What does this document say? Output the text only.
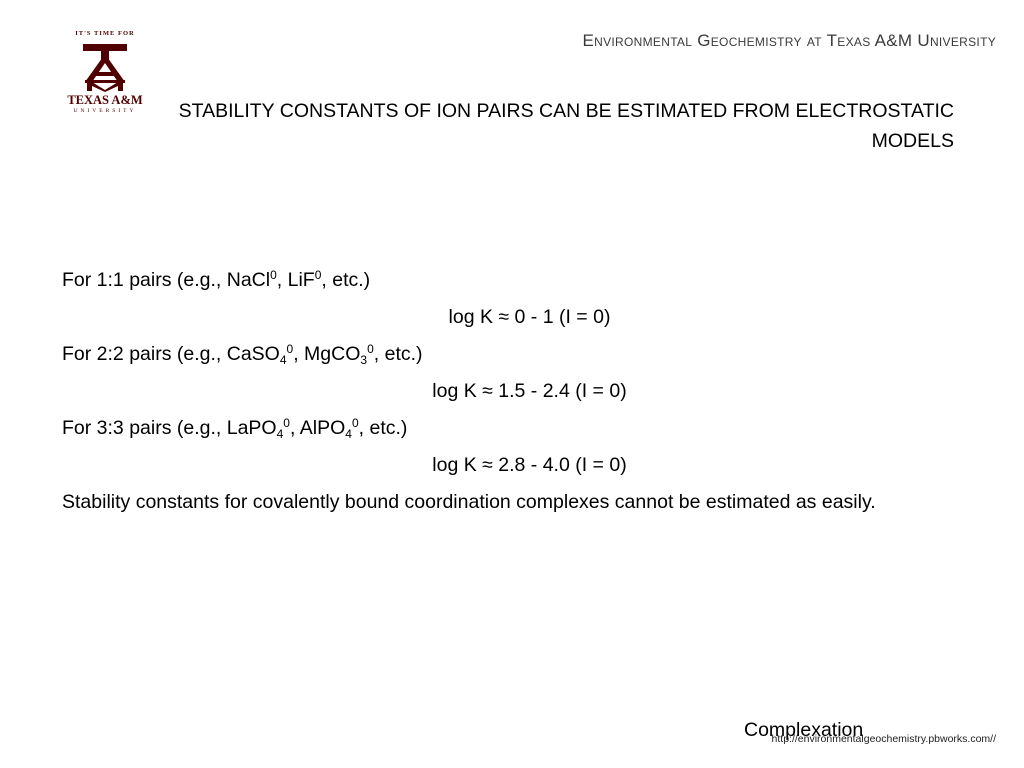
IT'S TIME FOR
TEXAS A&M
UNIVERSITY
Environmental Geochemistry at Texas A&M University
STABILITY CONSTANTS OF ION PAIRS CAN BE ESTIMATED FROM ELECTROSTATIC MODELS

For 1:1 pairs (e.g., NaCl$^0$, LiF$^0$, etc.)

log K ≈ 0 - 1 (I = 0)

For 2:2 pairs (e.g., CaSO$_4^0$, MgCO$_3^0$, etc.)

log K ≈ 1.5 - 2.4 (I = 0)

For 3:3 pairs (e.g., LaPO$_4^0$, AlPO$_4^0$, etc.)

log K ≈ 2.8 - 4.0 (I = 0)

Stability constants for covalently bound coordination complexes cannot be estimated as easily.

Complexation
http://environmentalgeochemistry.pbworks.com//
